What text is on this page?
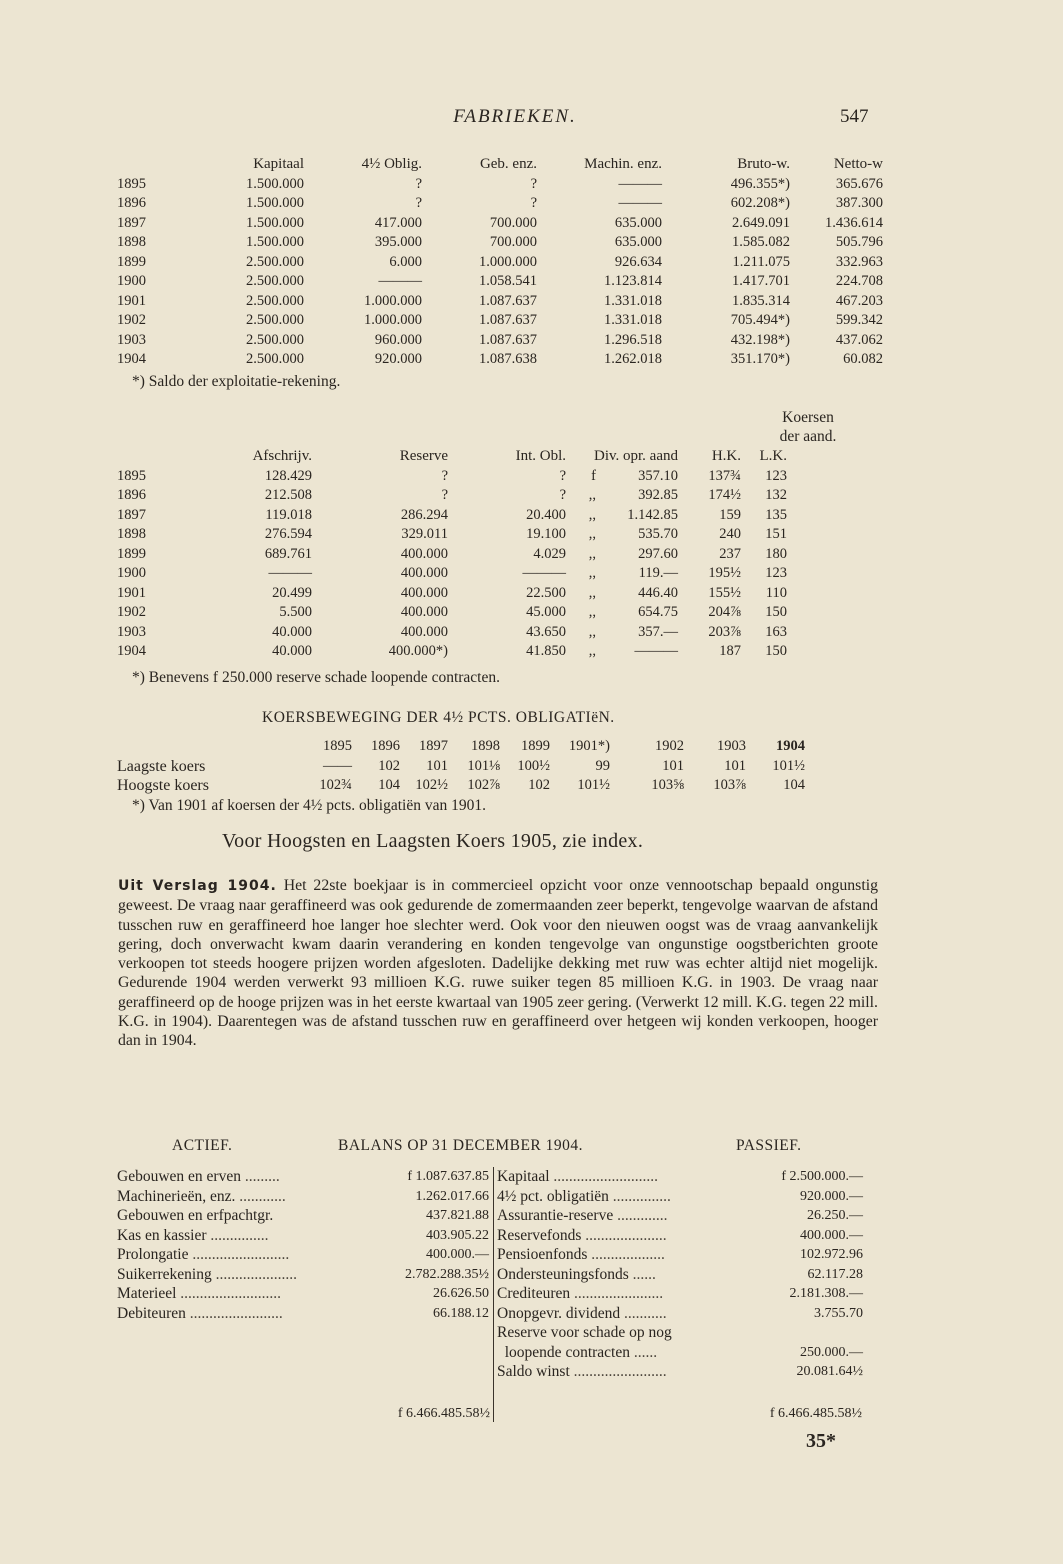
FABRIEKEN.	547
	Kapitaal	4½ Oblig.	Geb. enz.	Machin. enz.	Bruto-w.	Netto-w
1895	1.500.000	?	?	———	496.355*)	365.676
1896	1.500.000	?	?	———	602.208*)	387.300
1897	1.500.000	417.000	700.000	635.000	2.649.091	1.436.614
1898	1.500.000	395.000	700.000	635.000	1.585.082	505.796
1899	2.500.000	6.000	1.000.000	926.634	1.211.075	332.963
1900	2.500.000	———	1.058.541	1.123.814	1.417.701	224.708
1901	2.500.000	1.000.000	1.087.637	1.331.018	1.835.314	467.203
1902	2.500.000	1.000.000	1.087.637	1.331.018	705.494*)	599.342
1903	2.500.000	960.000	1.087.637	1.296.518	432.198*)	437.062
1904	2.500.000	920.000	1.087.638	1.262.018	351.170*)	60.082
*) Saldo der exploitatie-rekening.
Koersen
der aand.
	Afschrijv.	Reserve	Int. Obl.	Div. opr. aand		H.K.	L.K.
1895	128.429	?	?	f	357.10	137¾	123
1896	212.508	?	?	,,	392.85	174½	132
1897	119.018	286.294	20.400	,,	1.142.85	159	135
1898	276.594	329.011	19.100	,,	535.70	240	151
1899	689.761	400.000	4.029	,,	297.60	237	180
1900	———	400.000	———	,,	119.—	195½	123
1901	20.499	400.000	22.500	,,	446.40	155½	110
1902	5.500	400.000	45.000	,,	654.75	204⅞	150
1903	40.000	400.000	43.650	,,	357.—	203⅞	163
1904	40.000	400.000*)	41.850	,,	———	187	150
*) Benevens f 250.000 reserve schade loopende contracten.
KOERSBEWEGING DER 4½ PCTS. OBLIGATIëN.
	1895	1896	1897	1898	1899	1901*)	1902	1903	1904
Laagste koers	——	102	101	101⅛	100½	99	101	101	101½
Hoogste koers	102¾	104	102½	102⅞	102	101½	103⅝	103⅞	104
*) Van 1901 af koersen der 4½ pcts. obligatiën van 1901.
Voor Hoogsten en Laagsten Koers 1905, zie index.

Uit Verslag 1904. Het 22ste boekjaar is in commercieel opzicht voor onze vennootschap bepaald ongunstig geweest. De vraag naar geraffineerd was ook gedurende de zomermaanden zeer beperkt, tengevolge waarvan de afstand tusschen ruw en geraffineerd hoe langer hoe slechter werd. Ook voor den nieuwen oogst was de vraag aanvankelijk gering, doch onverwacht kwam daarin verandering en konden tengevolge van ongunstige oogstberichten groote verkoopen tot steeds hoogere prijzen worden afgesloten. Dadelijke dekking met ruw was echter altijd niet mogelijk. Gedurende 1904 werden verwerkt 93 millioen K.G. ruwe suiker tegen 85 millioen K.G. in 1903. De vraag naar geraffineerd op de hooge prijzen was in het eerste kwartaal van 1905 zeer gering. (Verwerkt 12 mill. K.G. tegen 22 mill. K.G. in 1904). Daarentegen was de afstand tusschen ruw en geraffineerd over hetgeen wij konden verkoopen, hooger dan in 1904.

ACTIEF.	BALANS OP 31 DECEMBER 1904.	PASSIEF.
Gebouwen en erven .........	f 1.087.637.85
Machinerieën, enz. ............	1.262.017.66
Gebouwen en erfpachtgr.	437.821.88
Kas en kassier ...............	403.905.22
Prolongatie .........................	400.000.—
Suikerrekening .....................	2.782.288.35½
Materieel ..........................	26.626.50
Debiteuren ........................	66.188.12
Kapitaal ...........................	f 2.500.000.—
4½ pct. obligatiën ...............	920.000.—
Assurantie-reserve .............	26.250.—
Reservefonds .....................	400.000.—
Pensioenfonds ...................	102.972.96
Ondersteuningsfonds ......	62.117.28
Crediteuren .......................	2.181.308.—
Onopgevr. dividend ...........	3.755.70
Reserve voor schade op nog	
loopende contracten ......	250.000.—
Saldo winst ........................	20.081.64½
f 6.466.485.58½	f 6.466.485.58½
35*
